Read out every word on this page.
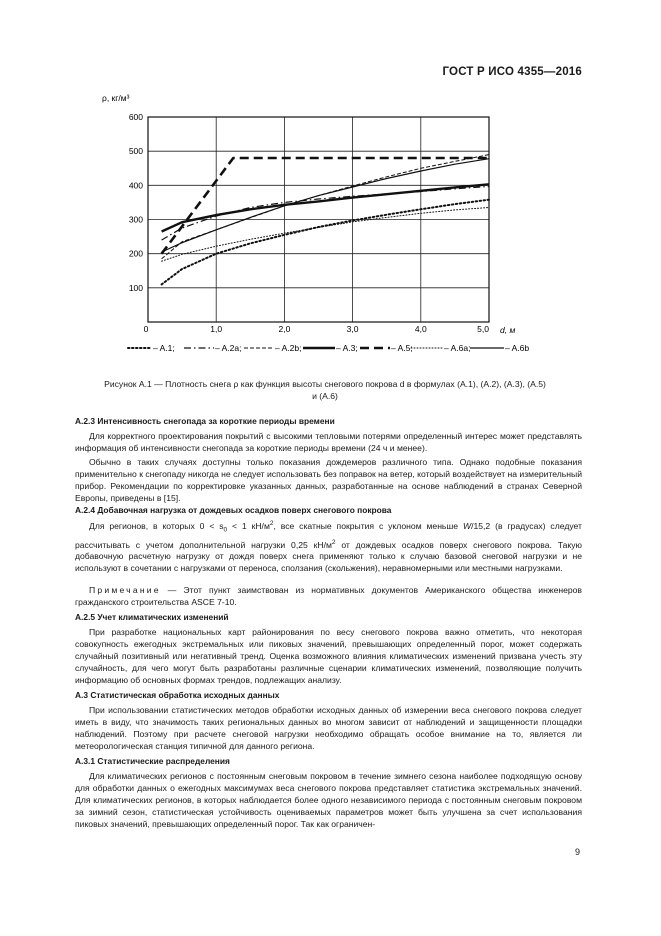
ГОСТ Р ИСО 4355—2016
100
200
300
400
500
600
0	1,0	2,0	3,0	4,0	5,0
ρ, кг/м³
d, м
– A.1;	– A.2a;	– A.2b;	– A.3;	– A.5;	– A.6a;	– A.6b
Рисунок А.1 — Плотность снега ρ как функция высоты снегового покрова d в формулах (А.1), (А.2), (А.3), (А.5)
и (А.6)
А.2.3 Интенсивность снегопада за короткие периоды времени
Для корректного проектирования покрытий с высокими тепловыми потерями определенный интерес может представлять информация об интенсивности снегопада за короткие периоды времени (24 ч и менее).
Обычно в таких случаях доступны только показания дождемеров различного типа. Однако подобные показания применительно к снегопаду никогда не следует использовать без поправок на ветер, который воздействует на измерительный прибор. Рекомендации по корректировке указанных данных, разработанные на основе наблюдений в странах Северной Европы, приведены в [15].
А.2.4 Добавочная нагрузка от дождевых осадков поверх снегового покрова
Для регионов, в которых $0 < s_0 < 1$ $кН/м^2$, все скатные покрытия с уклоном меньше W/15,2 (в градусах) следует рассчитывать с учетом дополнительной нагрузки 0,25 $кН/м^2$ от дождевых осадков поверх снегового покрова. Такую добавочную расчетную нагрузку от дождя поверх снега применяют только к случаю базовой снеговой нагрузки и не используют в сочетании с нагрузками от переноса, сползания (скольжения), неравномерными или местными нагрузками.
Примечание — Этот пункт заимствован из нормативных документов Американского общества инженеров гражданского строительства ASCE 7-10.
А.2.5 Учет климатических изменений
При разработке национальных карт районирования по весу снегового покрова важно отметить, что некоторая совокупность ежегодных экстремальных или пиковых значений, превышающих определенный порог, может содержать случайный позитивный или негативный тренд. Оценка возможного влияния климатических изменений призвана учесть эту случайность, для чего могут быть разработаны различные сценарии климатических изменений, позволяющие получить информацию об основных формах трендов, подлежащих анализу.
А.3 Статистическая обработка исходных данных
При использовании статистических методов обработки исходных данных об измерении веса снегового покрова следует иметь в виду, что значимость таких региональных данных во многом зависит от наблюдений и защищенности площадки наблюдений. Поэтому при расчете снеговой нагрузки необходимо обращать особое внимание на то, является ли метеорологическая станция типичной для данного региона.
А.3.1 Статистические распределения
Для климатических регионов с постоянным снеговым покровом в течение зимнего сезона наиболее подходящую основу для обработки данных о ежегодных максимумах веса снегового покрова представляет статистика экстремальных значений. Для климатических регионов, в которых наблюдается более одного независимого периода с постоянным снеговым покровом за зимний сезон, статистическая устойчивость оцениваемых параметров может быть улучшена за счет использования пиковых значений, превышающих определенный порог. Так как ограничен-
9
